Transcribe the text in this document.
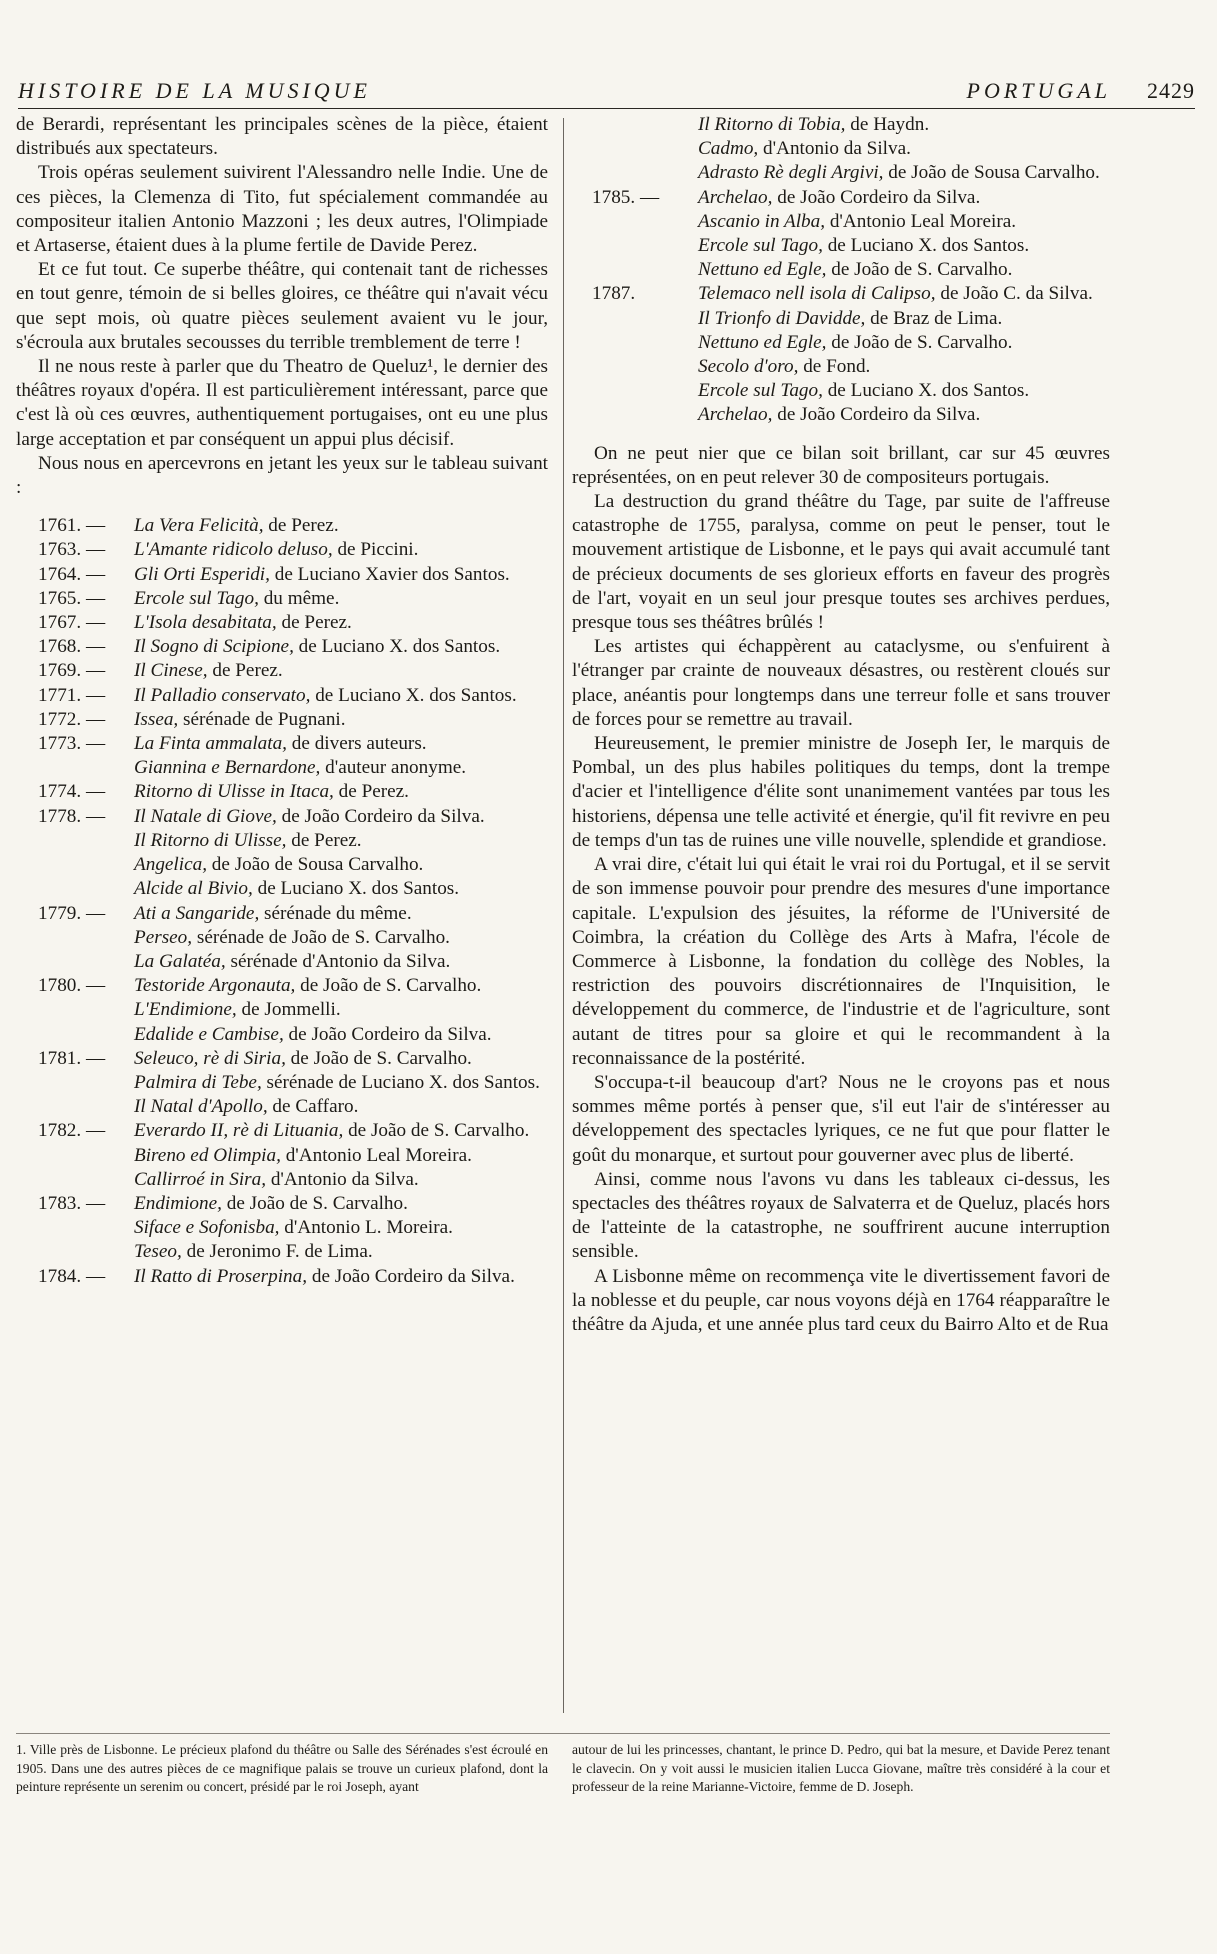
HISTOIRE DE LA MUSIQUE	PORTUGAL 2429

de Berardi, représentant les principales scènes de la pièce, étaient distribués aux spectateurs.

Trois opéras seulement suivirent l'Alessandro nelle Indie. Une de ces pièces, la Clemenza di Tito, fut spécialement commandée au compositeur italien Antonio Mazzoni ; les deux autres, l'Olimpiade et Artaserse, étaient dues à la plume fertile de Davide Perez.

Et ce fut tout. Ce superbe théâtre, qui contenait tant de richesses en tout genre, témoin de si belles gloires, ce théâtre qui n'avait vécu que sept mois, où quatre pièces seulement avaient vu le jour, s'écroula aux brutales secousses du terrible tremblement de terre !

Il ne nous reste à parler que du Theatro de Queluz¹, le dernier des théâtres royaux d'opéra. Il est particulièrement intéressant, parce que c'est là où ces œuvres, authentiquement portugaises, ont eu une plus large acceptation et par conséquent un appui plus décisif.

Nous nous en apercevrons en jetant les yeux sur le tableau suivant :

1761. — La Vera Felicità, de Perez.
1763. — L'Amante ridicolo deluso, de Piccini.
1764. — Gli Orti Esperidi, de Luciano Xavier dos Santos.
1765. — Ercole sul Tago, du même.
1767. — L'Isola desabitata, de Perez.
1768. — Il Sogno di Scipione, de Luciano X. dos Santos.
1769. — Il Cinese, de Perez.
1771. — Il Palladio conservato, de Luciano X. dos Santos.
1772. — Issea, sérénade de Pugnani.
1773. — La Finta ammalata, de divers auteurs.
Giannina e Bernardone, d'auteur anonyme.
1774. — Ritorno di Ulisse in Itaca, de Perez.
1778. — Il Natale di Giove, de João Cordeiro da Silva.
Il Ritorno di Ulisse, de Perez.
Angelica, de João de Sousa Carvalho.
Alcide al Bivio, de Luciano X. dos Santos.
1779. — Ati a Sangaride, sérénade du même.
Perseo, sérénade de João de S. Carvalho.
La Galatéa, sérénade d'Antonio da Silva.
1780. — Testoride Argonauta, de João de S. Carvalho.
L'Endimione, de Jommelli.
Edalide e Cambise, de João Cordeiro da Silva.
1781. — Seleuco, rè di Siria, de João de S. Carvalho.
Palmira di Tebe, sérénade de Luciano X. dos Santos.
Il Natal d'Apollo, de Caffaro.
1782. — Everardo II, rè di Lituania, de João de S. Carvalho.
Bireno ed Olimpia, d'Antonio Leal Moreira.
Callirroé in Sira, d'Antonio da Silva.
1783. — Endimione, de João de S. Carvalho.
Siface e Sofonisba, d'Antonio L. Moreira.
Teseo, de Jeronimo F. de Lima.
1784. — Il Ratto di Proserpina, de João Cordeiro da Silva.
Il Ritorno di Tobia, de Haydn.
Cadmo, d'Antonio da Silva.
Adrasto Rè degli Argivi, de João de Sousa Carvalho.
1785. — Archelao, de João Cordeiro da Silva.
Ascanio in Alba, d'Antonio Leal Moreira.
Ercole sul Tago, de Luciano X. dos Santos.
Nettuno ed Egle, de João de S. Carvalho.
1787.	Telemaco nell isola di Calipso, de João C. da Silva.
Il Trionfo di Davidde, de Braz de Lima.
Nettuno ed Egle, de João de S. Carvalho.
Secolo d'oro, de Fond.
Ercole sul Tago, de Luciano X. dos Santos.
Archelao, de João Cordeiro da Silva.

On ne peut nier que ce bilan soit brillant, car sur 45 œuvres représentées, on en peut relever 30 de compositeurs portugais.

La destruction du grand théâtre du Tage, par suite de l'affreuse catastrophe de 1755, paralysa, comme on peut le penser, tout le mouvement artistique de Lisbonne, et le pays qui avait accumulé tant de précieux documents de ses glorieux efforts en faveur des progrès de l'art, voyait en un seul jour presque toutes ses archives perdues, presque tous ses théâtres brûlés !

Les artistes qui échappèrent au cataclysme, ou s'enfuirent à l'étranger par crainte de nouveaux désastres, ou restèrent cloués sur place, anéantis pour longtemps dans une terreur folle et sans trouver de forces pour se remettre au travail.

Heureusement, le premier ministre de Joseph Ier, le marquis de Pombal, un des plus habiles politiques du temps, dont la trempe d'acier et l'intelligence d'élite sont unanimement vantées par tous les historiens, dépensa une telle activité et énergie, qu'il fit revivre en peu de temps d'un tas de ruines une ville nouvelle, splendide et grandiose.

A vrai dire, c'était lui qui était le vrai roi du Portugal, et il se servit de son immense pouvoir pour prendre des mesures d'une importance capitale. L'expulsion des jésuites, la réforme de l'Université de Coimbra, la création du Collège des Arts à Mafra, l'école de Commerce à Lisbonne, la fondation du collège des Nobles, la restriction des pouvoirs discrétionnaires de l'Inquisition, le développement du commerce, de l'industrie et de l'agriculture, sont autant de titres pour sa gloire et qui le recommandent à la reconnaissance de la postérité.

S'occupa-t-il beaucoup d'art? Nous ne le croyons pas et nous sommes même portés à penser que, s'il eut l'air de s'intéresser au développement des spectacles lyriques, ce ne fut que pour flatter le goût du monarque, et surtout pour gouverner avec plus de liberté.

Ainsi, comme nous l'avons vu dans les tableaux ci-dessus, les spectacles des théâtres royaux de Salvaterra et de Queluz, placés hors de l'atteinte de la catastrophe, ne souffrirent aucune interruption sensible.

A Lisbonne même on recommença vite le divertissement favori de la noblesse et du peuple, car nous voyons déjà en 1764 réapparaître le théâtre da Ajuda, et une année plus tard ceux du Bairro Alto et de Rua

1. Ville près de Lisbonne. Le précieux plafond du théâtre ou Salle des Sérénades s'est écroulé en 1905. Dans une des autres pièces de ce magnifique palais se trouve un curieux plafond, dont la peinture représente un serenim ou concert, présidé par le roi Joseph, ayant
autour de lui les princesses, chantant, le prince D. Pedro, qui bat la mesure, et Davide Perez tenant le clavecin. On y voit aussi le musicien italien Lucca Giovane, maître très considéré à la cour et professeur de la reine Marianne-Victoire, femme de D. Joseph.
